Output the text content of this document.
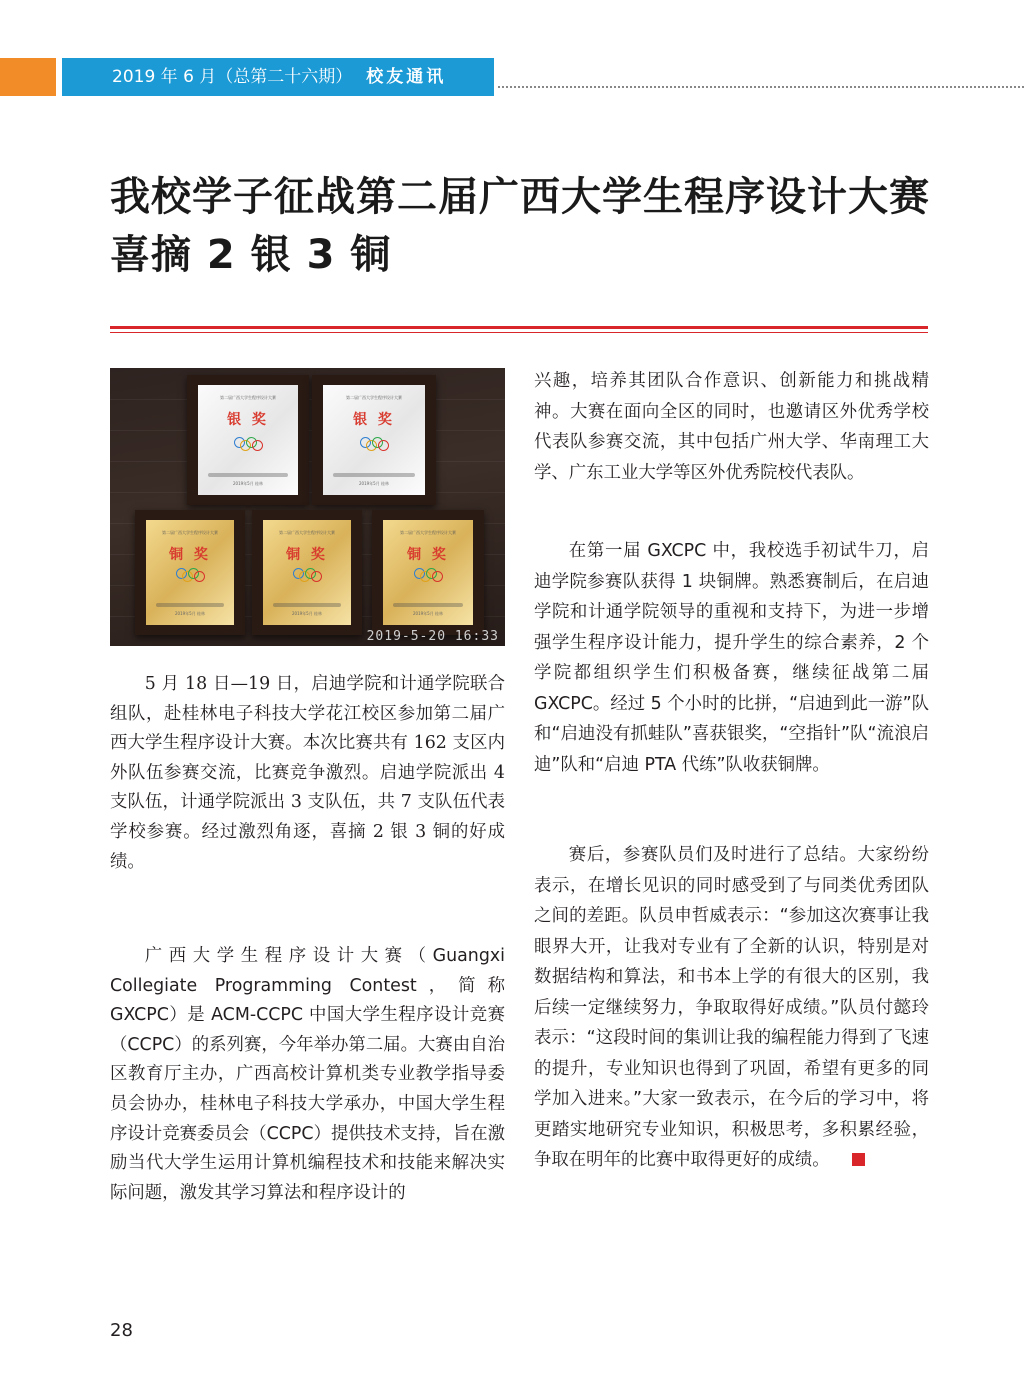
2019 年 6 月（总第二十六期） 校友通讯
我校学子征战第二届广西大学生程序设计大赛喜摘 2 银 3 铜
第二届广西大学生程序设计大赛
银 奖
2019年5月 桂林
第二届广西大学生程序设计大赛
银 奖
2019年5月 桂林
第二届广西大学生程序设计大赛
铜 奖
2019年5月 桂林
第二届广西大学生程序设计大赛
铜 奖
2019年5月 桂林
第二届广西大学生程序设计大赛
铜 奖
2019年5月 桂林
2019-5-20 16:33

5 月 18 日—19 日，启迪学院和计通学院联合组队，赴桂林电子科技大学花江校区参加第二届广西大学生程序设计大赛。本次比赛共有 162 支区内外队伍参赛交流，比赛竞争激烈。启迪学院派出 4 支队伍，计通学院派出 3 支队伍，共 7 支队伍代表学校参赛。经过激烈角逐，喜摘 2 银 3 铜的好成绩。

广西大学生程序设计大赛（Guangxi Collegiate Programming Contest，简称 GXCPC）是 ACM-CCPC 中国大学生程序设计竞赛（CCPC）的系列赛，今年举办第二届。大赛由自治区教育厅主办，广西高校计算机类专业教学指导委员会协办，桂林电子科技大学承办，中国大学生程序设计竞赛委员会（CCPC）提供技术支持，旨在激励当代大学生运用计算机编程技术和技能来解决实际问题，激发其学习算法和程序设计的

兴趣，培养其团队合作意识、创新能力和挑战精神。大赛在面向全区的同时，也邀请区外优秀学校代表队参赛交流，其中包括广州大学、华南理工大学、广东工业大学等区外优秀院校代表队。

在第一届 GXCPC 中，我校选手初试牛刀，启迪学院参赛队获得 1 块铜牌。熟悉赛制后，在启迪学院和计通学院领导的重视和支持下，为进一步增强学生程序设计能力，提升学生的综合素养，2 个学院都组织学生们积极备赛，继续征战第二届 GXCPC。经过 5 个小时的比拼，“启迪到此一游”队和“启迪没有抓蛙队”喜获银奖，“空指针”队“流浪启迪”队和“启迪 PTA 代练”队收获铜牌。

赛后，参赛队员们及时进行了总结。大家纷纷表示，在增长见识的同时感受到了与同类优秀团队之间的差距。队员申哲威表示：“参加这次赛事让我眼界大开，让我对专业有了全新的认识，特别是对数据结构和算法，和书本上学的有很大的区别，我后续一定继续努力，争取取得好成绩。”队员付懿玲表示：“这段时间的集训让我的编程能力得到了飞速的提升，专业知识也得到了巩固，希望有更多的同学加入进来。”大家一致表示，在今后的学习中，将更踏实地研究专业知识，积极思考，多积累经验，争取在明年的比赛中取得更好的成绩。

28
